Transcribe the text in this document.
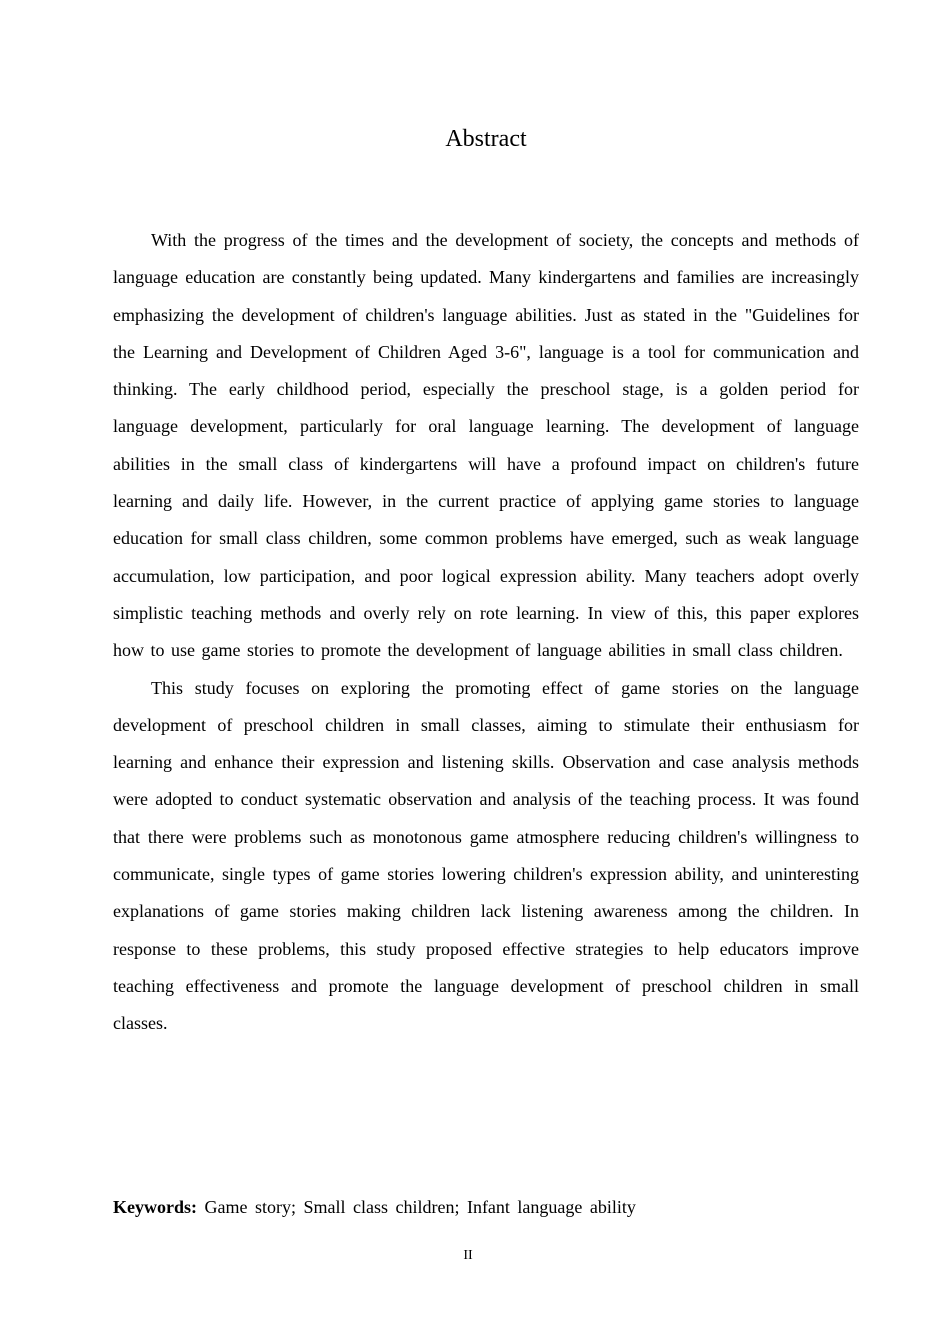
Abstract

With the progress of the times and the development of society, the concepts and methods of language education are constantly being updated. Many kindergartens and families are increasingly emphasizing the development of children's language abilities. Just as stated in the "Guidelines for the Learning and Development of Children Aged 3-6", language is a tool for communication and thinking. The early childhood period, especially the preschool stage, is a golden period for language development, particularly for oral language learning. The development of language abilities in the small class of kindergartens will have a profound impact on children's future learning and daily life. However, in the current practice of applying game stories to language education for small class children, some common problems have emerged, such as weak language accumulation, low participation, and poor logical expression ability. Many teachers adopt overly simplistic teaching methods and overly rely on rote learning. In view of this, this paper explores how to use game stories to promote the development of language abilities in small class children.

This study focuses on exploring the promoting effect of game stories on the language development of preschool children in small classes, aiming to stimulate their enthusiasm for learning and enhance their expression and listening skills. Observation and case analysis methods were adopted to conduct systematic observation and analysis of the teaching process. It was found that there were problems such as monotonous game atmosphere reducing children's willingness to communicate, single types of game stories lowering children's expression ability, and uninteresting explanations of game stories making children lack listening awareness among the children. In response to these problems, this study proposed effective strategies to help educators improve teaching effectiveness and promote the language development of preschool children in small classes.

Keywords: Game story; Small class children; Infant language ability

II
